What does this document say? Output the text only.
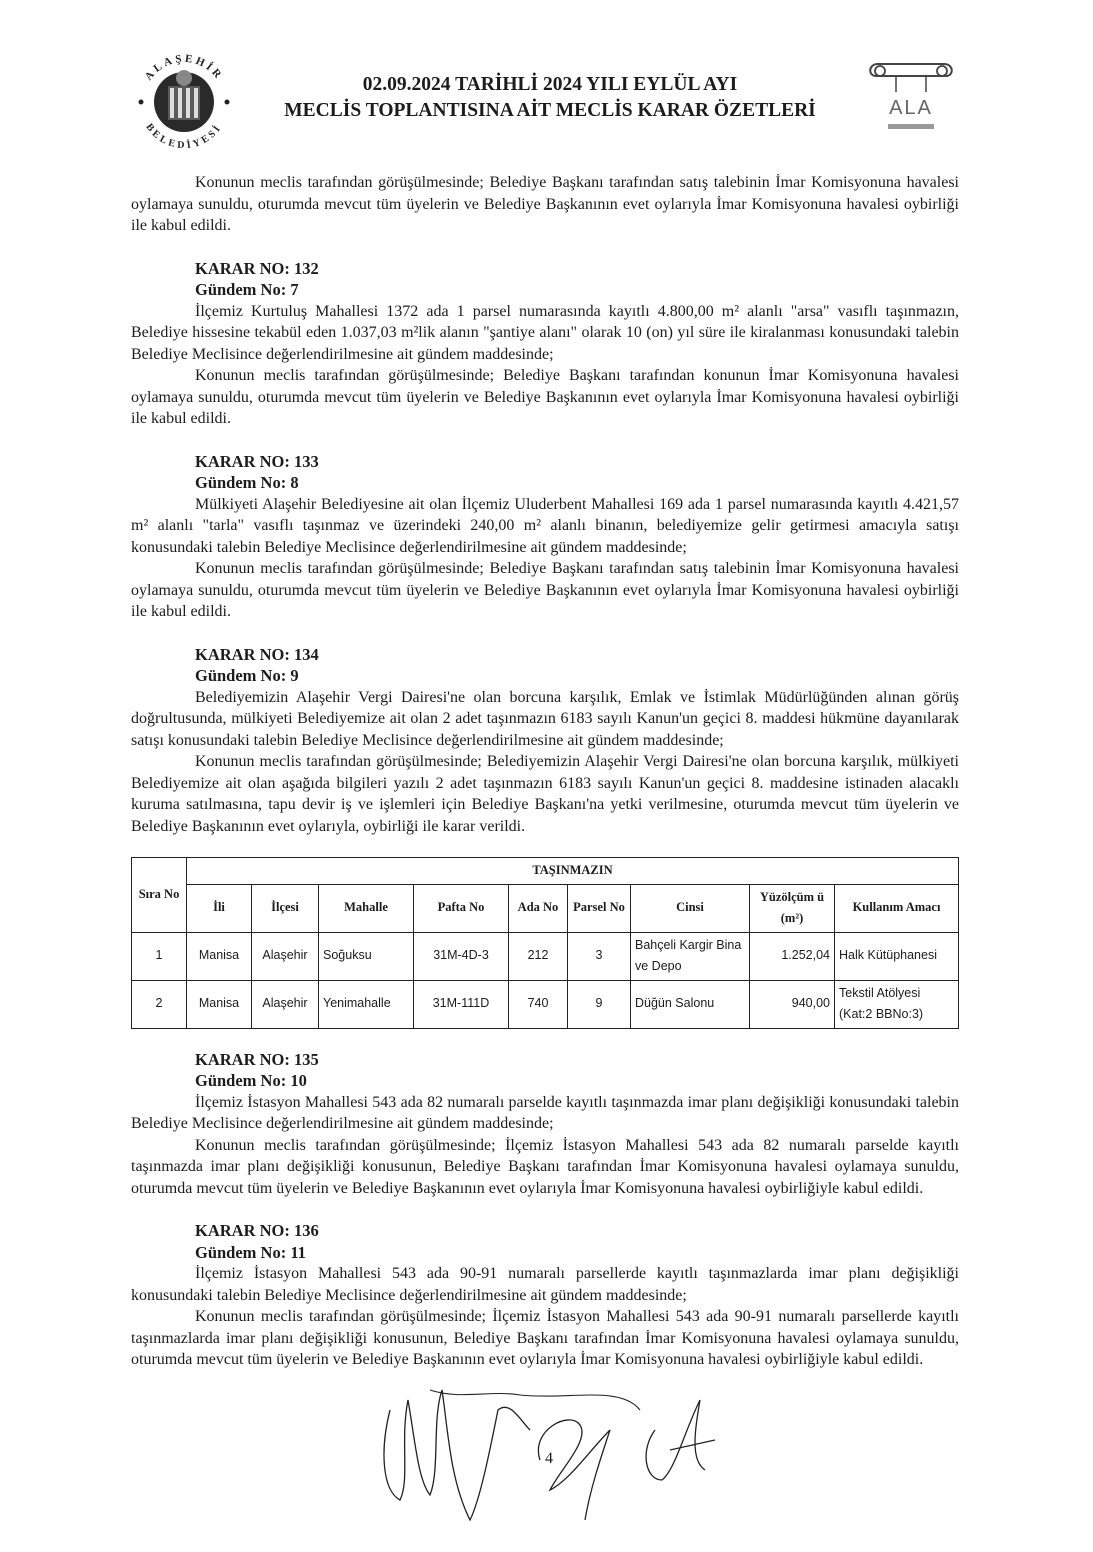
ALAŞEHİR
BELEDİYESİ
02.09.2024 TARİHLİ 2024 YILI EYLÜL AYI
MECLİS TOPLANTISINA AİT MECLİS KARAR ÖZETLERİ	ALA

Konunun meclis tarafından görüşülmesinde; Belediye Başkanı tarafından satış talebinin İmar Komisyonuna havalesi oylamaya sunuldu, oturumda mevcut tüm üyelerin ve Belediye Başkanının evet oylarıyla İmar Komisyonuna havalesi oybirliği ile kabul edildi.

KARAR NO: 132

Gündem No: 7

İlçemiz Kurtuluş Mahallesi 1372 ada 1 parsel numarasında kayıtlı 4.800,00 m² alanlı "arsa" vasıflı taşınmazın, Belediye hissesine tekabül eden 1.037,03 m²lik alanın "şantiye alanı" olarak 10 (on) yıl süre ile kiralanması konusundaki talebin Belediye Meclisince değerlendirilmesine ait gündem maddesinde;

Konunun meclis tarafından görüşülmesinde; Belediye Başkanı tarafından konunun İmar Komisyonuna havalesi oylamaya sunuldu, oturumda mevcut tüm üyelerin ve Belediye Başkanının evet oylarıyla İmar Komisyonuna havalesi oybirliği ile kabul edildi.

KARAR NO: 133

Gündem No: 8

Mülkiyeti Alaşehir Belediyesine ait olan İlçemiz Uluderbent Mahallesi 169 ada 1 parsel numarasında kayıtlı 4.421,57 m² alanlı "tarla" vasıflı taşınmaz ve üzerindeki 240,00 m² alanlı binanın, belediyemize gelir getirmesi amacıyla satışı konusundaki talebin Belediye Meclisince değerlendirilmesine ait gündem maddesinde;

Konunun meclis tarafından görüşülmesinde; Belediye Başkanı tarafından satış talebinin İmar Komisyonuna havalesi oylamaya sunuldu, oturumda mevcut tüm üyelerin ve Belediye Başkanının evet oylarıyla İmar Komisyonuna havalesi oybirliği ile kabul edildi.

KARAR NO: 134

Gündem No: 9

Belediyemizin Alaşehir Vergi Dairesi'ne olan borcuna karşılık, Emlak ve İstimlak Müdürlüğünden alınan görüş doğrultusunda, mülkiyeti Belediyemize ait olan 2 adet taşınmazın 6183 sayılı Kanun'un geçici 8. maddesi hükmüne dayanılarak satışı konusundaki talebin Belediye Meclisince değerlendirilmesine ait gündem maddesinde;

Konunun meclis tarafından görüşülmesinde; Belediyemizin Alaşehir Vergi Dairesi'ne olan borcuna karşılık, mülkiyeti Belediyemize ait olan aşağıda bilgileri yazılı 2 adet taşınmazın 6183 sayılı Kanun'un geçici 8. maddesine istinaden alacaklı kuruma satılmasına, tapu devir iş ve işlemleri için Belediye Başkanı'na yetki verilmesine, oturumda mevcut tüm üyelerin ve Belediye Başkanının evet oylarıyla, oybirliği ile karar verildi.

Sıra No	TAŞINMAZIN								
	İli	İlçesi	Mahalle	Pafta No	Ada No	Parsel No	Cinsi	Yüzölçüm ü (m²)	Kullanım Amacı
1	Manisa	Alaşehir	Soğuksu	31M-4D-3	212	3	Bahçeli Kargir Bina ve Depo	1.252,04	Halk Kütüphanesi
2	Manisa	Alaşehir	Yenimahalle	31M-111D	740	9	Düğün Salonu	940,00	Tekstil Atölyesi (Kat:2 BBNo:3)

KARAR NO: 135

Gündem No: 10

İlçemiz İstasyon Mahallesi 543 ada 82 numaralı parselde kayıtlı taşınmazda imar planı değişikliği konusundaki talebin Belediye Meclisince değerlendirilmesine ait gündem maddesinde;

Konunun meclis tarafından görüşülmesinde; İlçemiz İstasyon Mahallesi 543 ada 82 numaralı parselde kayıtlı taşınmazda imar planı değişikliği konusunun, Belediye Başkanı tarafından İmar Komisyonuna havalesi oylamaya sunuldu, oturumda mevcut tüm üyelerin ve Belediye Başkanının evet oylarıyla İmar Komisyonuna havalesi oybirliğiyle kabul edildi.

KARAR NO: 136

Gündem No: 11

İlçemiz İstasyon Mahallesi 543 ada 90-91 numaralı parsellerde kayıtlı taşınmazlarda imar planı değişikliği konusundaki talebin Belediye Meclisince değerlendirilmesine ait gündem maddesinde;

Konunun meclis tarafından görüşülmesinde; İlçemiz İstasyon Mahallesi 543 ada 90-91 numaralı parsellerde kayıtlı taşınmazlarda imar planı değişikliği konusunun, Belediye Başkanı tarafından İmar Komisyonuna havalesi oylamaya sunuldu, oturumda mevcut tüm üyelerin ve Belediye Başkanının evet oylarıyla İmar Komisyonuna havalesi oybirliğiyle kabul edildi.

4
